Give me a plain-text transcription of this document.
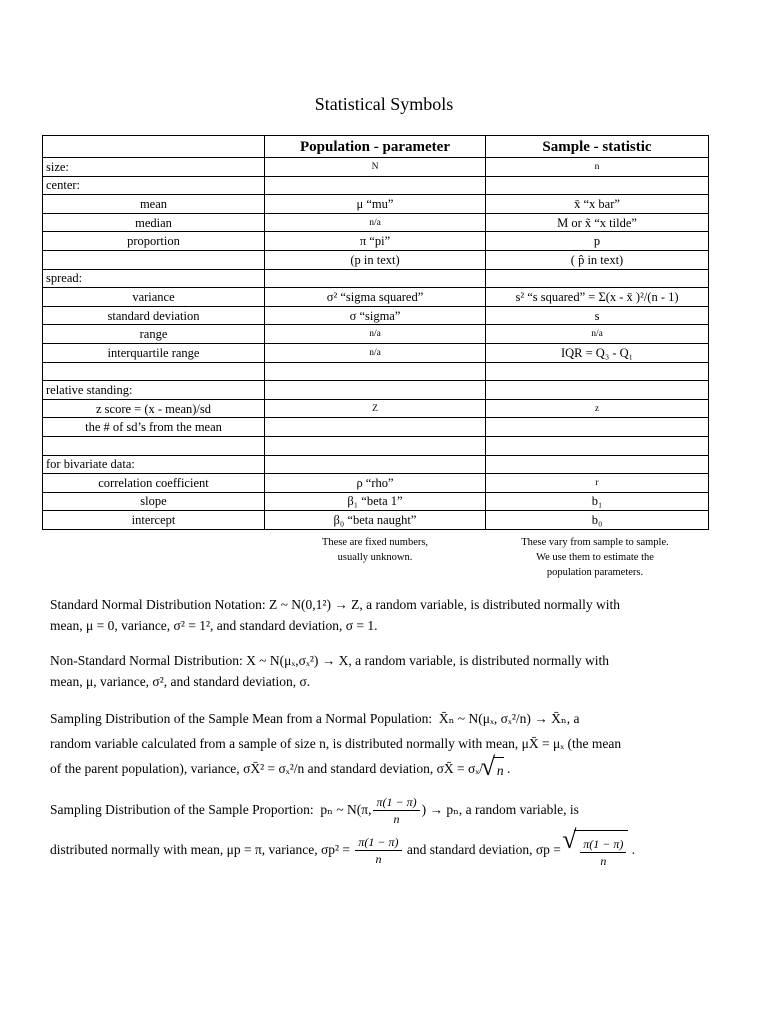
Statistical Symbols
	Population - parameter	Sample - statistic
size:	N	n
center:		
mean	μ “mu”	x̄ “x bar”
median	n/a	M or x̃ “x tilde”
proportion	π “pi”	p
	(p in text)	( p̂ in text)
spread:		
variance	σ² “sigma squared”	s² “s squared” = Σ(x - x̄ )²/(n - 1)
standard deviation	σ “sigma”	s
range	n/a	n/a
interquartile range	n/a	IQR = Q₃ - Q₁

relative standing:		
z score = (x - mean)/sd	Z	z
the # of sd’s from the mean		

for bivariate data:		
correlation coefficient	ρ “rho”	r
slope	β₁ “beta 1”	b₁
intercept	β₀ “beta naught”	b₀
These are fixed numbers,
usually unknown.
These vary from sample to sample.
We use them to estimate the
population parameters.
Standard Normal Distribution Notation: Z ~ N(0,1²) → Z, a random variable, is distributed normally with
mean, μ = 0, variance, σ² = 1², and standard deviation, σ = 1.
Non-Standard Normal Distribution: X ~ N(μₓ,σₓ²) → X, a random variable, is distributed normally with
mean, μ, variance, σ², and standard deviation, σ.
Sampling Distribution of the Sample Mean from a Normal Population: X̄ₙ ~ N(μₓ, σₓ²/n) → X̄ₙ, a
random variable calculated from a sample of size n, is distributed normally with mean, μX̄ = μₓ (the mean
of the parent population), variance, σX̄² = σₓ²/n and standard deviation, σX̄ = σₓ/ √ n .
Sampling Distribution of the Sample Proportion: pₙ ~ N(π, $\frac{\pi(1 - \pi)}{n}$ ) → pₙ, a random variable, is
distributed normally with mean, μp = π, variance, $\sigma p^2 = \frac{\pi(1 - \pi)}{n}$ and standard deviation, σp = √ $\frac{\pi(1 - \pi)}{n}$ .
